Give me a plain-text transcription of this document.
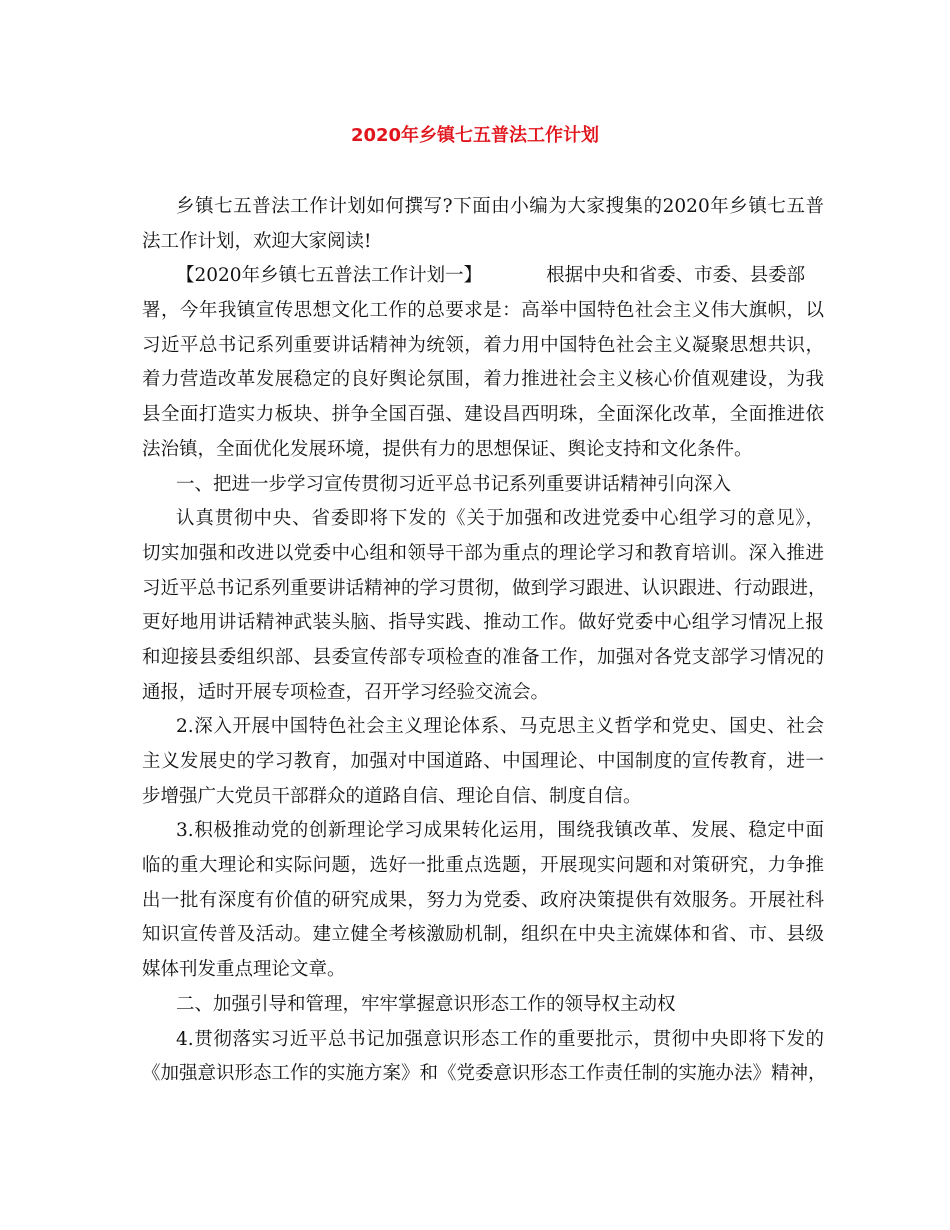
2020年乡镇七五普法工作计划
乡镇七五普法工作计划如何撰写?下面由小编为大家搜集的2020年乡镇七五普
法工作计划，欢迎大家阅读!
【2020年乡镇七五普法工作计划一】	根据中央和省委、市委、县委部
署，今年我镇宣传思想文化工作的总要求是：高举中国特色社会主义伟大旗帜，以
习近平总书记系列重要讲话精神为统领，着力用中国特色社会主义凝聚思想共识，
着力营造改革发展稳定的良好舆论氛围，着力推进社会主义核心价值观建设，为我
县全面打造实力板块、拼争全国百强、建设昌西明珠，全面深化改革，全面推进依
法治镇，全面优化发展环境，提供有力的思想保证、舆论支持和文化条件。
一、把进一步学习宣传贯彻习近平总书记系列重要讲话精神引向深入
认真贯彻中央、省委即将下发的《关于加强和改进党委中心组学习的意见》，
切实加强和改进以党委中心组和领导干部为重点的理论学习和教育培训。深入推进
习近平总书记系列重要讲话精神的学习贯彻，做到学习跟进、认识跟进、行动跟进，
更好地用讲话精神武装头脑、指导实践、推动工作。做好党委中心组学习情况上报
和迎接县委组织部、县委宣传部专项检查的准备工作，加强对各党支部学习情况的
通报，适时开展专项检查，召开学习经验交流会。
2.深入开展中国特色社会主义理论体系、马克思主义哲学和党史、国史、社会
主义发展史的学习教育，加强对中国道路、中国理论、中国制度的宣传教育，进一
步增强广大党员干部群众的道路自信、理论自信、制度自信。
3.积极推动党的创新理论学习成果转化运用，围绕我镇改革、发展、稳定中面
临的重大理论和实际问题，选好一批重点选题，开展现实问题和对策研究，力争推
出一批有深度有价值的研究成果，努力为党委、政府决策提供有效服务。开展社科
知识宣传普及活动。建立健全考核激励机制，组织在中央主流媒体和省、市、县级
媒体刊发重点理论文章。
二、加强引导和管理，牢牢掌握意识形态工作的领导权主动权
4.贯彻落实习近平总书记加强意识形态工作的重要批示，贯彻中央即将下发的
《加强意识形态工作的实施方案》和《党委意识形态工作责任制的实施办法》精神，
